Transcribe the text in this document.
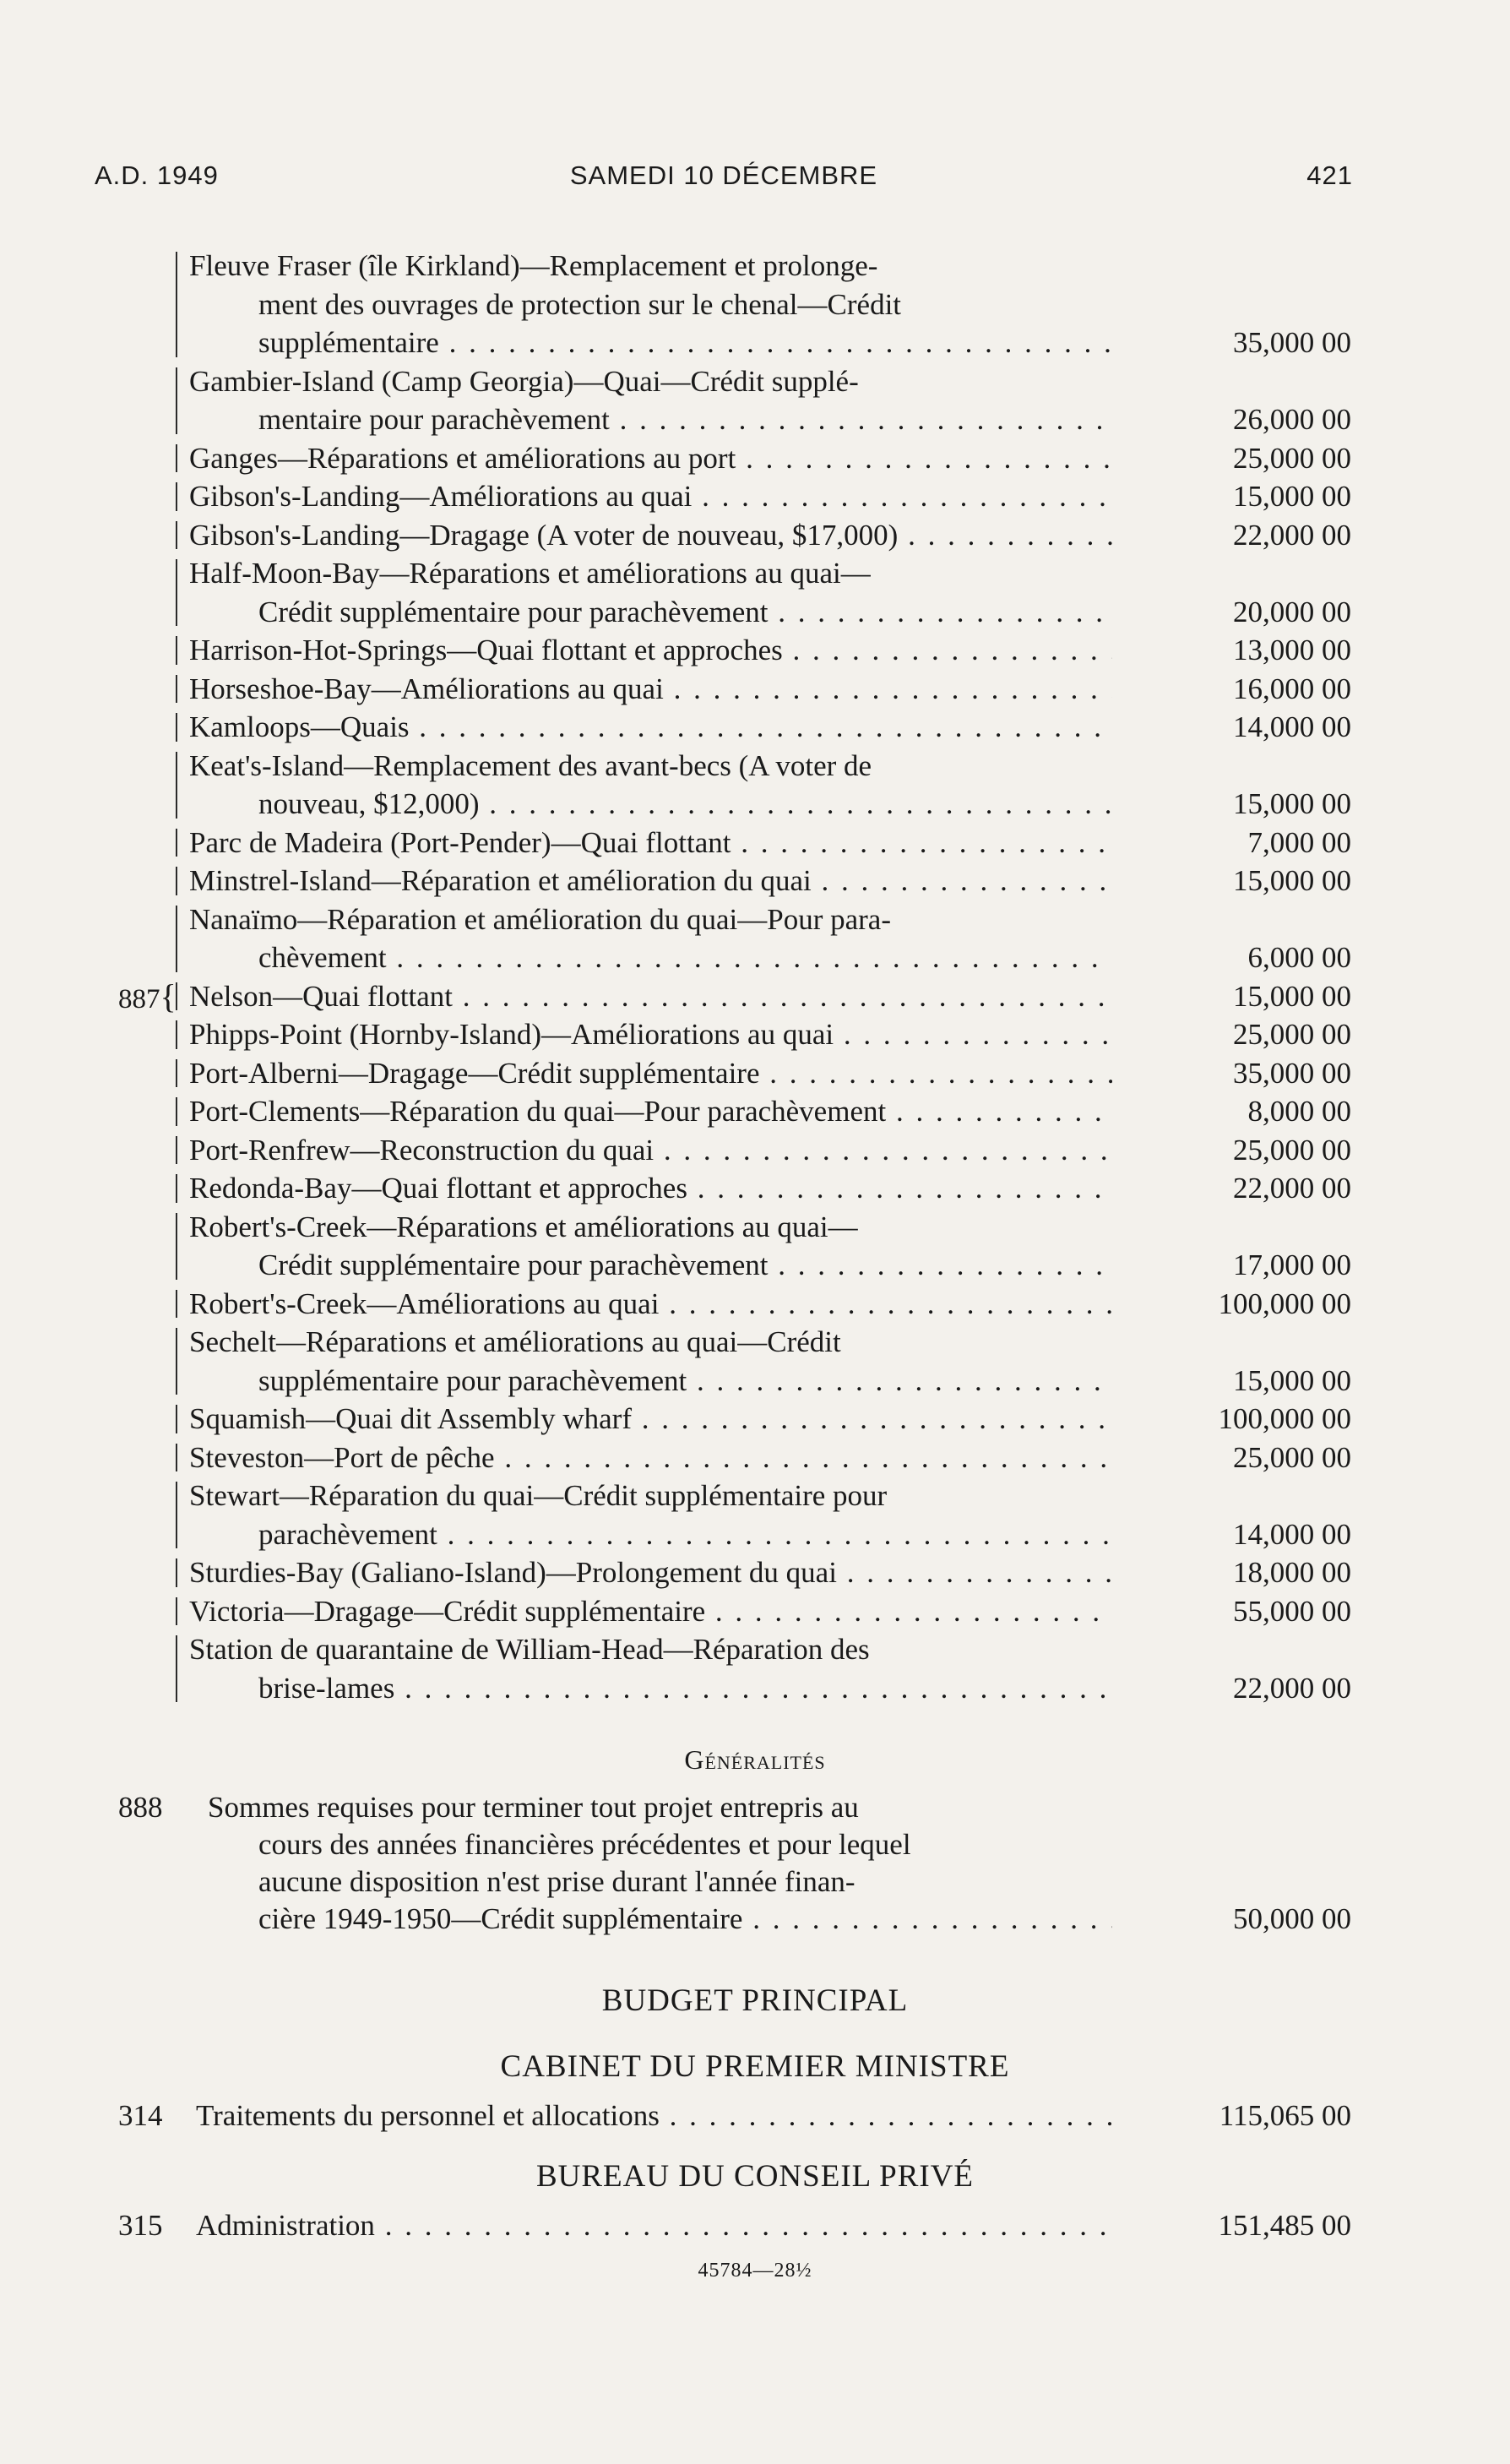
A.D. 1949	SAMEDI 10 DÉCEMBRE	421
Fleuve Fraser (île Kirkland)—Remplacement et prolonge-
ment des ouvrages de protection sur le chenal—Crédit
supplémentaire . . .	35,000 00
Gambier-Island (Camp Georgia)—Quai—Crédit supplé-
mentaire pour parachèvement . . .	26,000 00
Ganges—Réparations et améliorations au port . . .	25,000 00
Gibson's-Landing—Améliorations au quai . . .	15,000 00
Gibson's-Landing—Dragage (A voter de nouveau, $17,000) . . .	22,000 00
Half-Moon-Bay—Réparations et améliorations au quai—
Crédit supplémentaire pour parachèvement . . .	20,000 00
Harrison-Hot-Springs—Quai flottant et approches . . .	13,000 00
Horseshoe-Bay—Améliorations au quai . . .	16,000 00
Kamloops—Quais . . .	14,000 00
Keat's-Island—Remplacement des avant-becs (A voter de
nouveau, $12,000) . . .	15,000 00
Parc de Madeira (Port-Pender)—Quai flottant . . .	7,000 00
Minstrel-Island—Réparation et amélioration du quai . . .	15,000 00
Nanaïmo—Réparation et amélioration du quai—Pour para-
chèvement . . .	6,000 00
Nelson—Quai flottant . . .	15,000 00
Phipps-Point (Hornby-Island)—Améliorations au quai . . .	25,000 00
Port-Alberni—Dragage—Crédit supplémentaire . . .	35,000 00
Port-Clements—Réparation du quai—Pour parachèvement . . .	8,000 00
Port-Renfrew—Reconstruction du quai . . .	25,000 00
Redonda-Bay—Quai flottant et approches . . .	22,000 00
Robert's-Creek—Réparations et améliorations au quai—
Crédit supplémentaire pour parachèvement . . .	17,000 00
Robert's-Creek—Améliorations au quai . . .	100,000 00
Sechelt—Réparations et améliorations au quai—Crédit
supplémentaire pour parachèvement . . .	15,000 00
Squamish—Quai dit Assembly wharf . . .	100,000 00
Steveston—Port de pêche . . .	25,000 00
Stewart—Réparation du quai—Crédit supplémentaire pour
parachèvement . . .	14,000 00
Sturdies-Bay (Galiano-Island)—Prolongement du quai . . .	18,000 00
Victoria—Dragage—Crédit supplémentaire . . .	55,000 00
Station de quarantaine de William-Head—Réparation des
brise-lames . . .	22,000 00
887{
Généralités
888 Sommes requises pour terminer tout projet entrepris au
cours des années financières précédentes et pour lequel
aucune disposition n'est prise durant l'année finan-
cière 1949-1950—Crédit supplémentaire . . .	50,000 00
BUDGET PRINCIPAL
CABINET DU PREMIER MINISTRE
314 Traitements du personnel et allocations . . .	115,065 00
BUREAU DU CONSEIL PRIVÉ
315 Administration . . .	151,485 00
45784—28½
